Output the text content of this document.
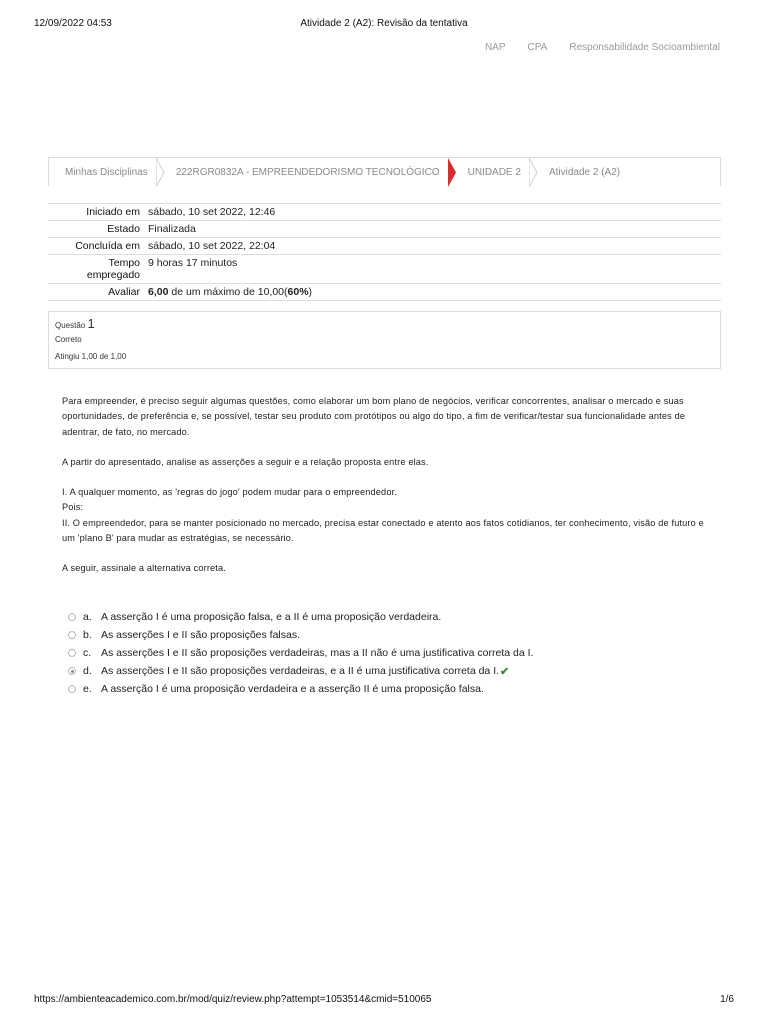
12/09/2022 04:53	Atividade 2 (A2): Revisão da tentativa
NAP CPA Responsabilidade Socioambiental
Minhas Disciplinas	222RGR0832A - EMPREENDEDORISMO TECNOLÓGICO	UNIDADE 2	Atividade 2 (A2)
Iniciado em sábado, 10 set 2022, 12:46
Estado Finalizada
Concluída em sábado, 10 set 2022, 22:04
Tempo
empregado
9 horas 17 minutos
Avaliar 6,00 de um máximo de 10,00(60%)
Questão 1
Correto
Atingiu 1,00 de 1,00

Para empreender, é preciso seguir algumas questões, como elaborar um bom plano de negócios, verificar concorrentes, analisar o mercado e suas oportunidades, de preferência e, se possível, testar seu produto com protótipos ou algo do tipo, a fim de verificar/testar sua funcionalidade antes de adentrar, de fato, no mercado.

A partir do apresentado, analise as asserções a seguir e a relação proposta entre elas.

I. A qualquer momento, as 'regras do jogo' podem mudar para o empreendedor.

Pois:

II. O empreendedor, para se manter posicionado no mercado, precisa estar conectado e atento aos fatos cotidianos, ter conhecimento, visão de futuro e um 'plano B' para mudar as estratégias, se necessário.

A seguir, assinale a alternativa correta.

a. A asserção I é uma proposição falsa, e a II é uma proposição verdadeira.
b. As asserções I e II são proposições falsas.
c. As asserções I e II são proposições verdadeiras, mas a II não é uma justificativa correta da I.
d. As asserções I e II são proposições verdadeiras, e a II é uma justificativa correta da I. ✔
e. A asserção I é uma proposição verdadeira e a asserção II é uma proposição falsa.
https://ambienteacademico.com.br/mod/quiz/review.php?attempt=1053514&cmid=510065	1/6
